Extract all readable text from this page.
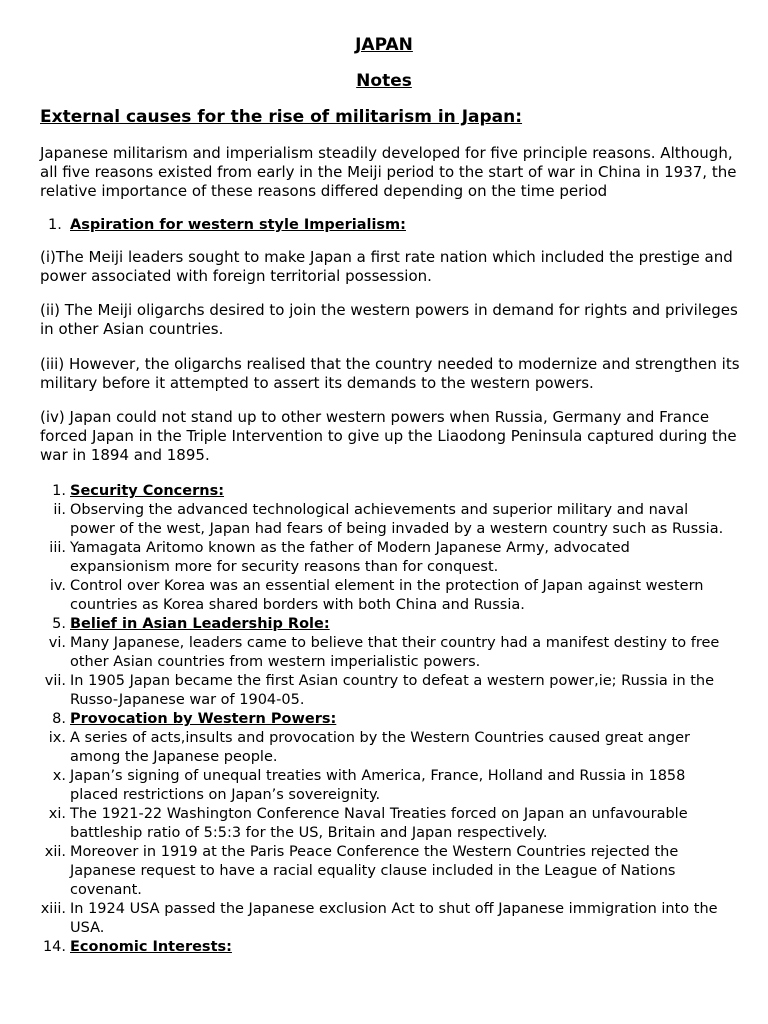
JAPAN
Notes
External causes for the rise of militarism in Japan:
Japanese militarism and imperialism steadily developed for five principle reasons. Although, all five reasons existed from early in the Meiji period to the start of war in China in 1937, the relative importance of these reasons differed depending on the time period
1. Aspiration for western style Imperialism:
(i)The Meiji leaders sought to make Japan a first rate nation which included the prestige and power associated with foreign territorial possession.
(ii) The Meiji oligarchs desired to join the western powers in demand for rights and privileges in other Asian countries.
(iii) However, the oligarchs realised that the country needed to modernize and strengthen its military before it attempted to assert its demands to the western powers.
(iv) Japan could not stand up to other western powers when Russia, Germany and France forced Japan in the Triple Intervention to give up the Liaodong Peninsula captured during the war in 1894 and 1895.
1. Security Concerns:
ii. Observing the advanced technological achievements and superior military and naval power of the west, Japan had fears of being invaded by a western country such as Russia.
iii. Yamagata Aritomo known as the father of Modern Japanese Army, advocated expansionism more for security reasons than for conquest.
iv. Control over Korea was an essential element in the protection of Japan against western countries as Korea shared borders with both China and Russia.
5. Belief in Asian Leadership Role:
vi. Many Japanese, leaders came to believe that their country had a manifest destiny to free other Asian countries from western imperialistic powers.
vii. In 1905 Japan became the first Asian country to defeat a western power,ie; Russia in the Russo-Japanese war of 1904-05.
8. Provocation by Western Powers:
ix. A series of acts,insults and provocation by the Western Countries caused great anger among the Japanese people.
x. Japan’s signing of unequal treaties with America, France, Holland and Russia in 1858 placed restrictions on Japan’s sovereignity.
xi. The 1921-22 Washington Conference Naval Treaties forced on Japan an unfavourable battleship ratio of 5:5:3 for the US, Britain and Japan respectively.
xii. Moreover in 1919 at the Paris Peace Conference the Western Countries rejected the Japanese request to have a racial equality clause included in the League of Nations covenant.
xiii. In 1924 USA passed the Japanese exclusion Act to shut off Japanese immigration into the USA.
14. Economic Interests:
